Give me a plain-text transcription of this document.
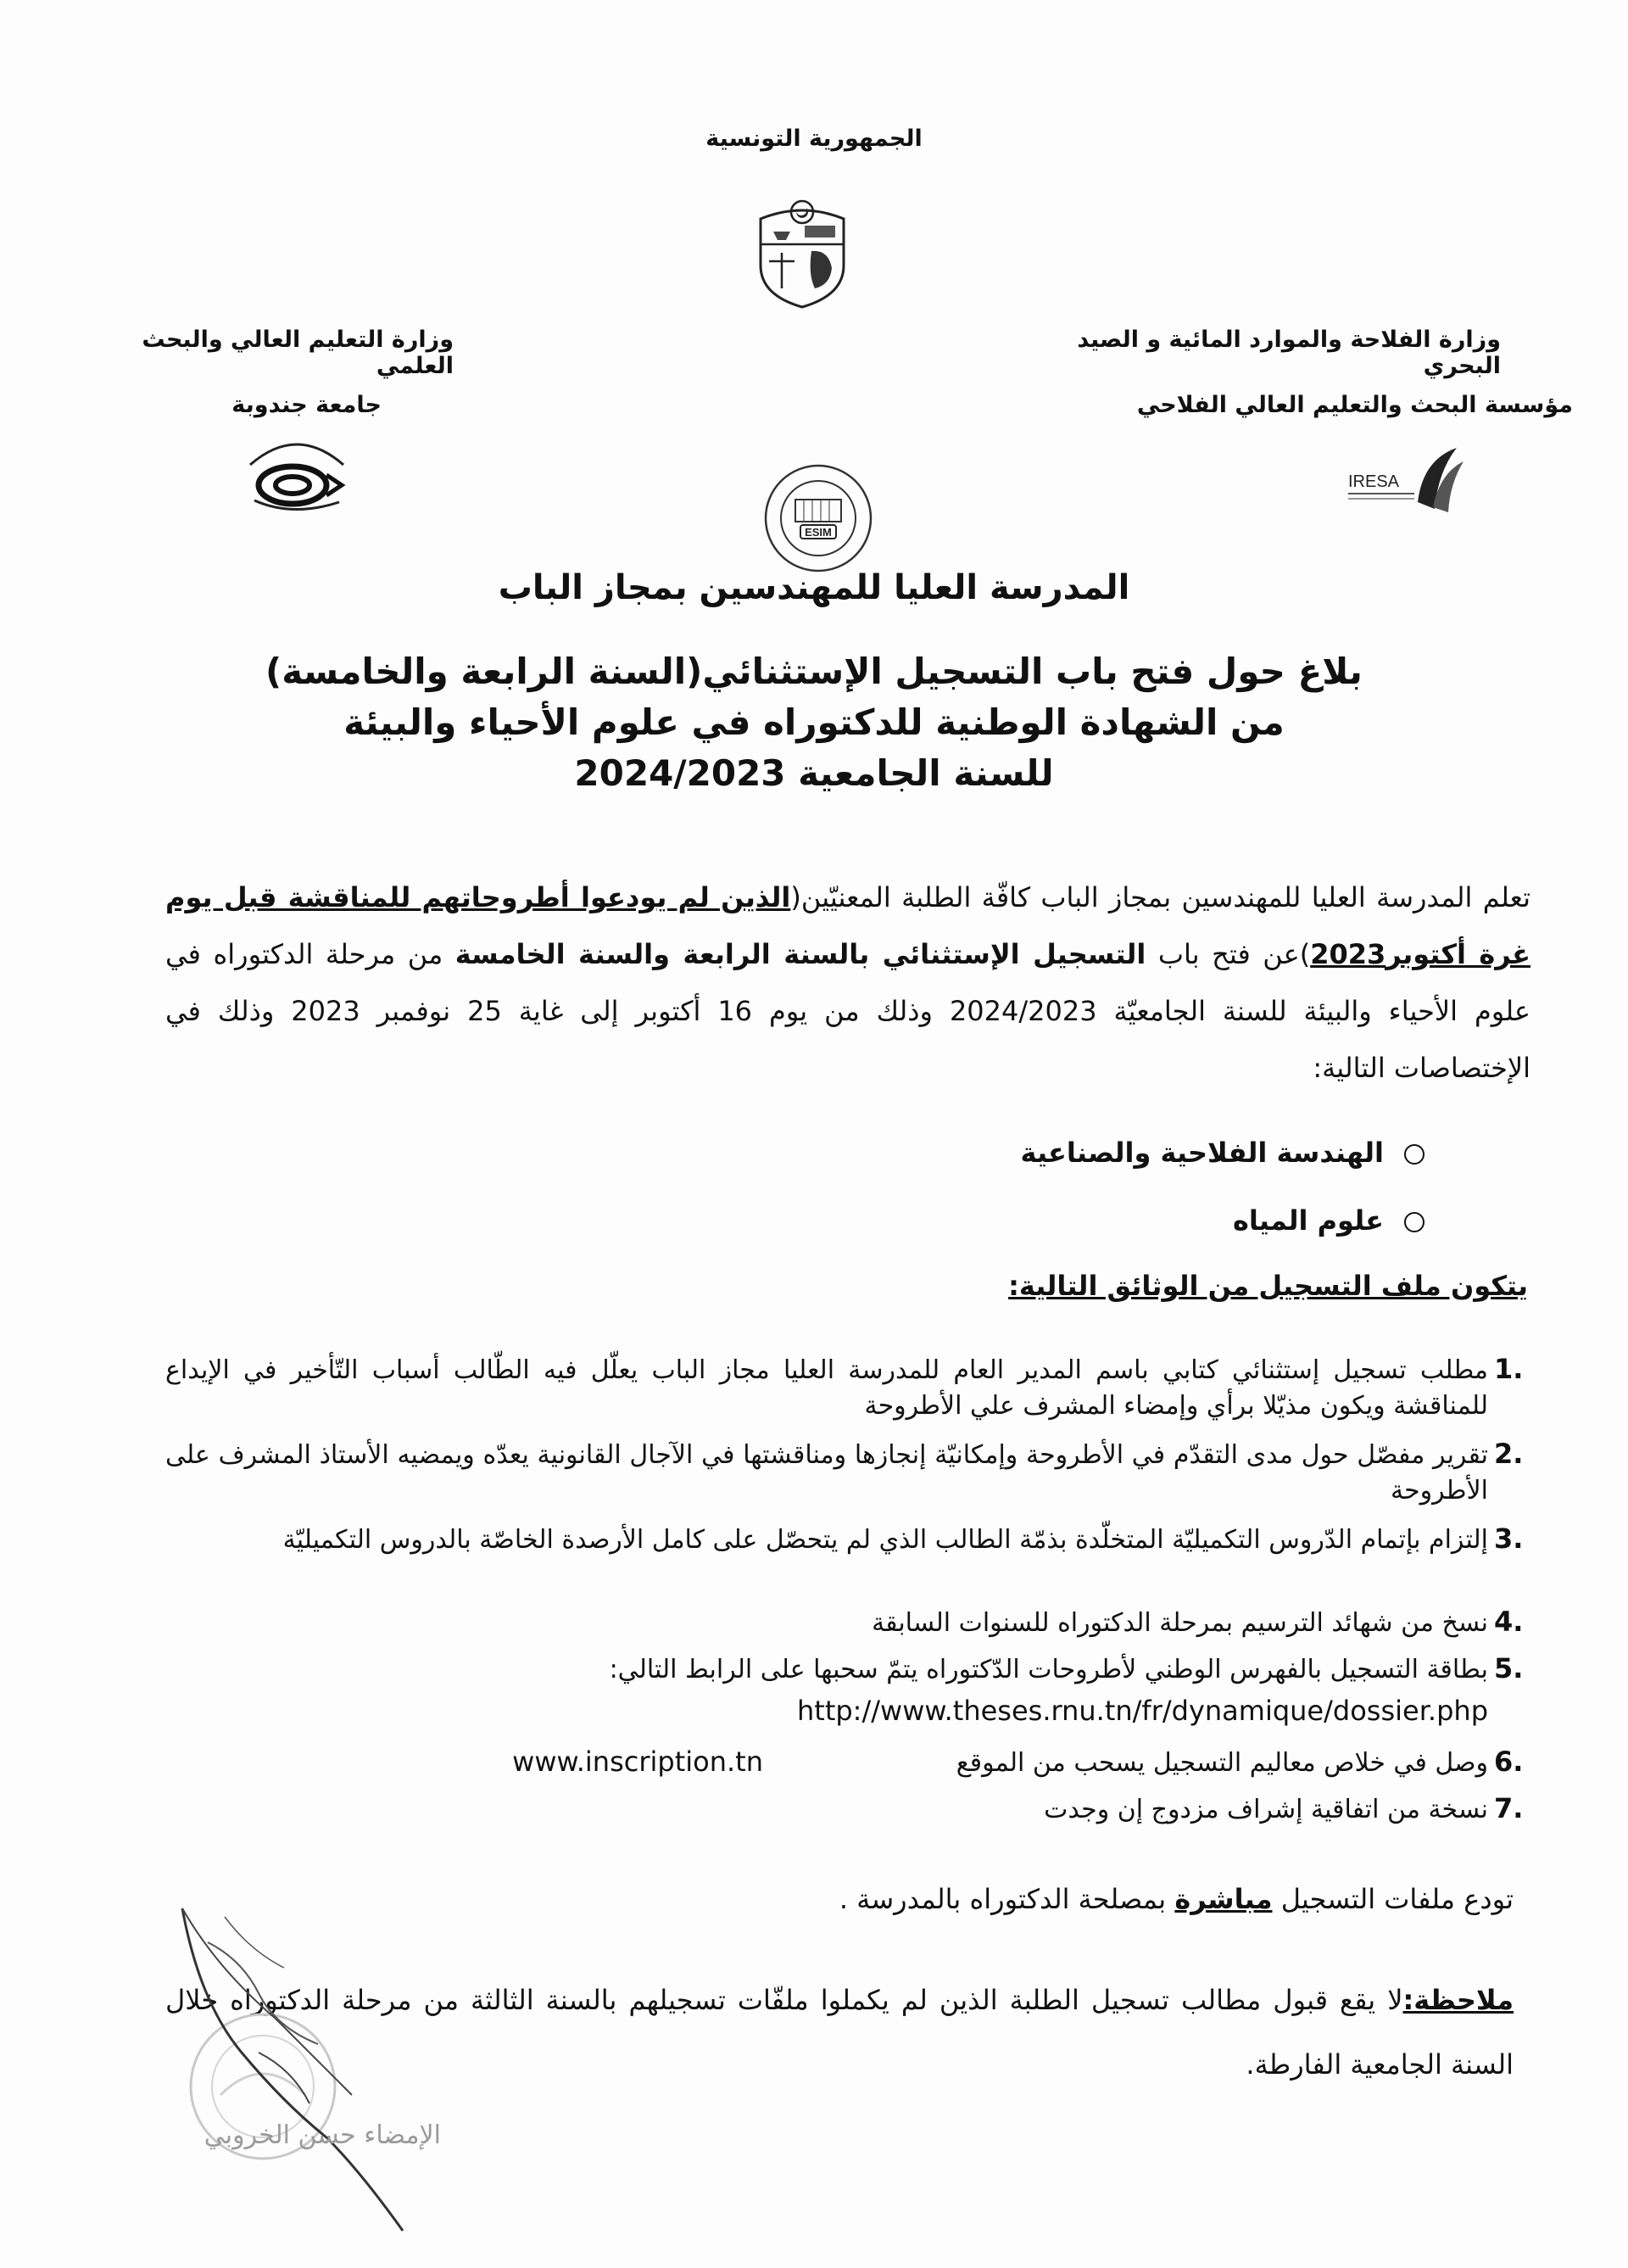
الجمهورية التونسية
وزارة التعليم العالي والبحث العلمي
جامعة جندوبة
وزارة الفلاحة والموارد المائية و الصيد البحري
مؤسسة البحث والتعليم العالي الفلاحي
IRESA
ESIM
المدرسة العليا للمهندسين بمجاز الباب
بلاغ حول فتح باب التسجيل الإستثنائي(السنة الرابعة والخامسة)
من الشهادة الوطنية للدكتوراه في علوم الأحياء والبيئة
للسنة الجامعية 2024/2023
تعلم المدرسة العليا للمهندسين بمجاز الباب كافّة الطلبة المعنيّين(الذين لم يودعوا أطروحاتهم للمناقشة قبل يوم غرة أكتوبر2023)عن فتح باب التسجيل الإستثنائي بالسنة الرابعة والسنة الخامسة من مرحلة الدكتوراه في علوم الأحياء والبيئة للسنة الجامعيّة 2024/2023 وذلك من يوم 16 أكتوبر إلى غاية 25 نوفمبر 2023 وذلك في الإختصاصات التالية:
الهندسة الفلاحية والصناعية
علوم المياه
يتكون ملف التسجيل من الوثائق التالية:
1.
مطلب تسجيل إستثنائي كتابي باسم المدير العام للمدرسة العليا مجاز الباب يعلّل فيه الطّالب أسباب التّأخير في الإيداع للمناقشة ويكون مذيّلا برأي وإمضاء المشرف علي الأطروحة
2.
تقرير مفصّل حول مدى التقدّم في الأطروحة وإمكانيّة إنجازها ومناقشتها في الآجال القانونية يعدّه ويمضيه الأستاذ المشرف على الأطروحة
3.
إلتزام بإتمام الدّروس التكميليّة المتخلّدة بذمّة الطالب الذي لم يتحصّل على كامل الأرصدة الخاصّة بالدروس التكميليّة
4.
نسخ من شهائد الترسيم بمرحلة الدكتوراه للسنوات السابقة
5.
بطاقة التسجيل بالفهرس الوطني لأطروحات الدّكتوراه يتمّ سحبها على الرابط التالي:
http://www.theses.rnu.tn/fr/dynamique/dossier.php
6.
وصل في خلاص معاليم التسجيل يسحب من الموقع
www.inscription.tn
7.
نسخة من اتفاقية إشراف مزدوج إن وجدت
تودع ملفات التسجيل مباشرة بمصلحة الدكتوراه بالمدرسة .
ملاحظة:لا يقع قبول مطالب تسجيل الطلبة الذين لم يكملوا ملفّات تسجيلهم بالسنة الثالثة من مرحلة الدكتوراه خلال السنة الجامعية الفارطة.
الإمضاء حسن الخروبي
